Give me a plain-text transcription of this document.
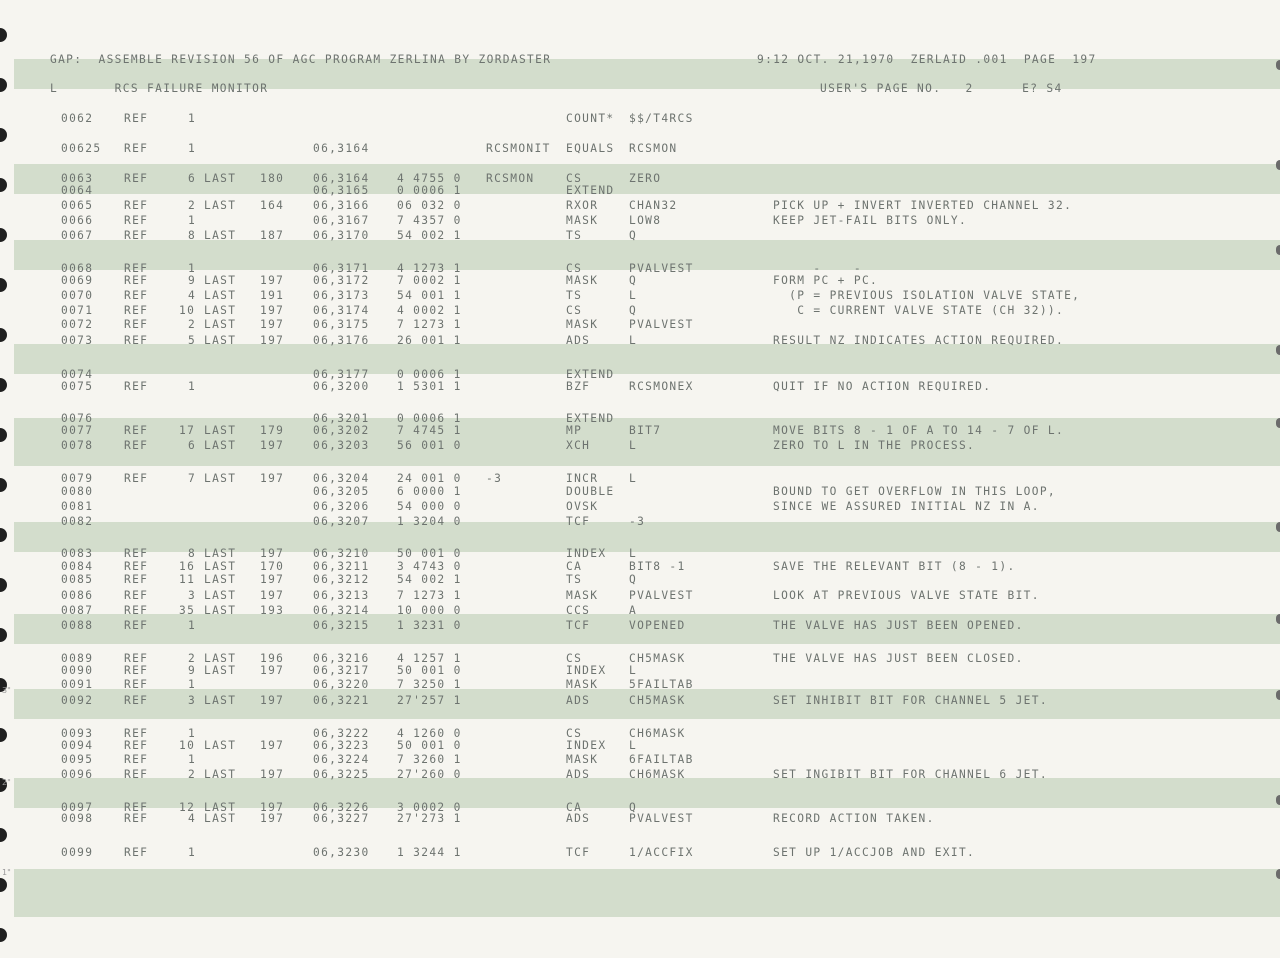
GAP:  ASSEMBLE REVISION 56 OF AGC PROGRAM ZERLINA BY ZORDASTER	9:12 OCT. 21,1970  ZERLAID .001  PAGE  197
L       RCS FAILURE MONITOR	USER'S PAGE NO.   2      E? S4
3"
2"
1"
0062	REF	1	COUNT* $$/T4RCS
00625 REF	1	06,3164	RCSMONIT EQUALS RCSMON
0063	REF	6 LAST 180	06,3164 4 4755 0 RCSMON	CS	ZERO
0064	06,3165 0 0006 1	EXTEND
0065	REF	2 LAST 164	06,3166 06 032 0	RXOR	CHAN32	PICK UP + INVERT INVERTED CHANNEL 32.
0066	REF	1	06,3167 7 4357 0	MASK	LOW8	KEEP JET-FAIL BITS ONLY.
0067	REF	8 LAST 187	06,3170 54 002 1	TS	Q
0068	REF	1	06,3171 4 1273 1	CS	PVALVEST	-    -
0069	REF	9 LAST 197	06,3172 7 0002 1	MASK	Q	FORM PC + PC.
0070	REF	4 LAST 191	06,3173 54 001 1	TS	L	(P = PREVIOUS ISOLATION VALVE STATE,
0071	REF	10 LAST 197	06,3174 4 0002 1	CS	Q	C = CURRENT VALVE STATE (CH 32)).
0072	REF	2 LAST 197	06,3175 7 1273 1	MASK	PVALVEST
0073	REF	5 LAST 197	06,3176 26 001 1	ADS	L	RESULT NZ INDICATES ACTION REQUIRED.
0074	06,3177 0 0006 1	EXTEND
0075	REF	1	06,3200 1 5301 1	BZF	RCSMONEX	QUIT IF NO ACTION REQUIRED.
0076	06,3201 0 0006 1	EXTEND
0077	REF	17 LAST 179	06,3202 7 4745 1	MP	BIT7	MOVE BITS 8 - 1 OF A TO 14 - 7 OF L.
0078	REF	6 LAST 197	06,3203 56 001 0	XCH	L	ZERO TO L IN THE PROCESS.
0079	REF	7 LAST 197	06,3204 24 001 0 -3	INCR	L
0080	06,3205 6 0000 1	DOUBLE	BOUND TO GET OVERFLOW IN THIS LOOP,
0081	06,3206 54 000 0	OVSK	SINCE WE ASSURED INITIAL NZ IN A.
0082	06,3207 1 3204 0	TCF	-3
0083	REF	8 LAST 197	06,3210 50 001 0	INDEX L
0084	REF	16 LAST 170	06,3211 3 4743 0	CA	BIT8 -1	SAVE THE RELEVANT BIT (8 - 1).
0085	REF	11 LAST 197	06,3212 54 002 1	TS	Q
0086	REF	3 LAST 197	06,3213 7 1273 1	MASK	PVALVEST	LOOK AT PREVIOUS VALVE STATE BIT.
0087	REF	35 LAST 193	06,3214 10 000 0	CCS	A
0088	REF	1	06,3215 1 3231 0	TCF	VOPENED	THE VALVE HAS JUST BEEN OPENED.
0089	REF	2 LAST 196	06,3216 4 1257 1	CS	CH5MASK	THE VALVE HAS JUST BEEN CLOSED.
0090	REF	9 LAST 197	06,3217 50 001 0	INDEX L
0091	REF	1	06,3220 7 3250 1	MASK	5FAILTAB
0092	REF	3 LAST 197	06,3221 27'257 1	ADS	CH5MASK	SET INHIBIT BIT FOR CHANNEL 5 JET.
0093	REF	1	06,3222 4 1260 0	CS	CH6MASK
0094	REF	10 LAST 197	06,3223 50 001 0	INDEX L
0095	REF	1	06,3224 7 3260 1	MASK	6FAILTAB
0096	REF	2 LAST 197	06,3225 27'260 0	ADS	CH6MASK	SET INGIBIT BIT FOR CHANNEL 6 JET.
0097	REF	12 LAST 197	06,3226 3 0002 0	CA	Q
0098	REF	4 LAST 197	06,3227 27'273 1	ADS	PVALVEST	RECORD ACTION TAKEN.
0099	REF	1	06,3230 1 3244 1	TCF	1/ACCFIX	SET UP 1/ACCJOB AND EXIT.
